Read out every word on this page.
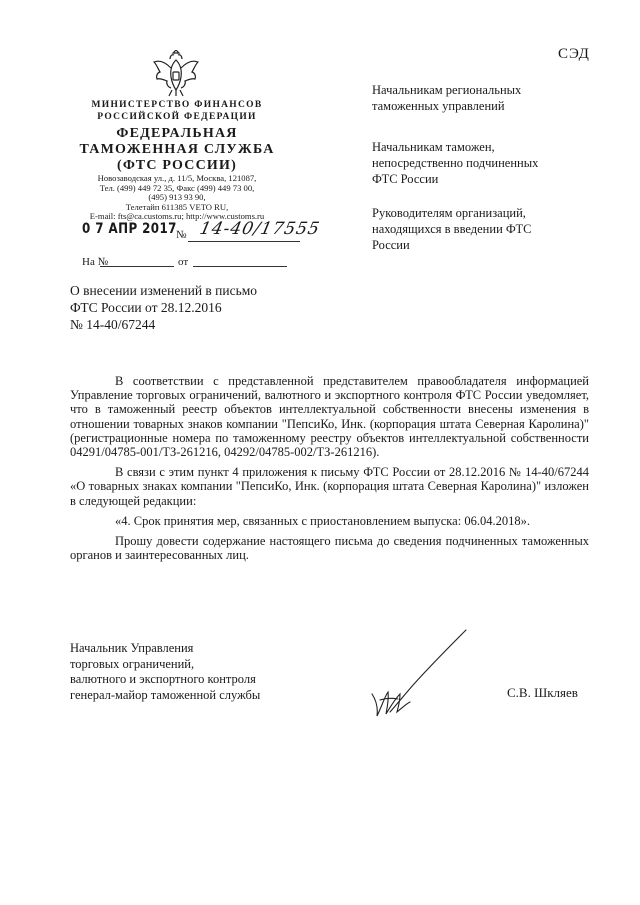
СЭД
МИНИСТЕРСТВО ФИНАНСОВ
РОССИЙСКОЙ ФЕДЕРАЦИИ
ФЕДЕРАЛЬНАЯ
ТАМОЖЕННАЯ СЛУЖБА
(ФТС РОССИИ)
Новозаводская ул., д. 11/5, Москва, 121087,
Тел. (499) 449 72 35, Факс (499) 449 73 00,
(495) 913 93 90,
Телетайп 611385 VETO RU,
E-mail: fts@ca.customs.ru; http://www.customs.ru
0 7 АПР 2017 № 14-40/17555
На №	от
О внесении изменений в письмо
ФТС России от 28.12.2016
№ 14-40/67244
Начальникам региональных
таможенных управлений
Начальникам таможен,
непосредственно подчиненных
ФТС России
Руководителям организаций,
находящихся в введении ФТС
России

В соответствии с представленной представителем правообладателя информацией Управление торговых ограничений, валютного и экспортного контроля ФТС России уведомляет, что в таможенный реестр объектов интеллектуальной собственности внесены изменения в отношении товарных знаков компании "ПепсиКо, Инк. (корпорация штата Северная Каролина)" (регистрационные номера по таможенному реестру объектов интеллектуальной собственности 04291/04785-001/ТЗ-261216, 04292/04785-002/ТЗ-261216).

В связи с этим пункт 4 приложения к письму ФТС России от 28.12.2016 № 14-40/67244 «О товарных знаках компании "ПепсиКо, Инк. (корпорация штата Северная Каролина)" изложен в следующей редакции:

«4. Срок принятия мер, связанных с приостановлением выпуска: 06.04.2018».

Прошу довести содержание настоящего письма до сведения подчиненных таможенных органов и заинтересованных лиц.

Начальник Управления
торговых ограничений,
валютного и экспортного контроля
генерал-майор таможенной службы	С.В. Шкляев
